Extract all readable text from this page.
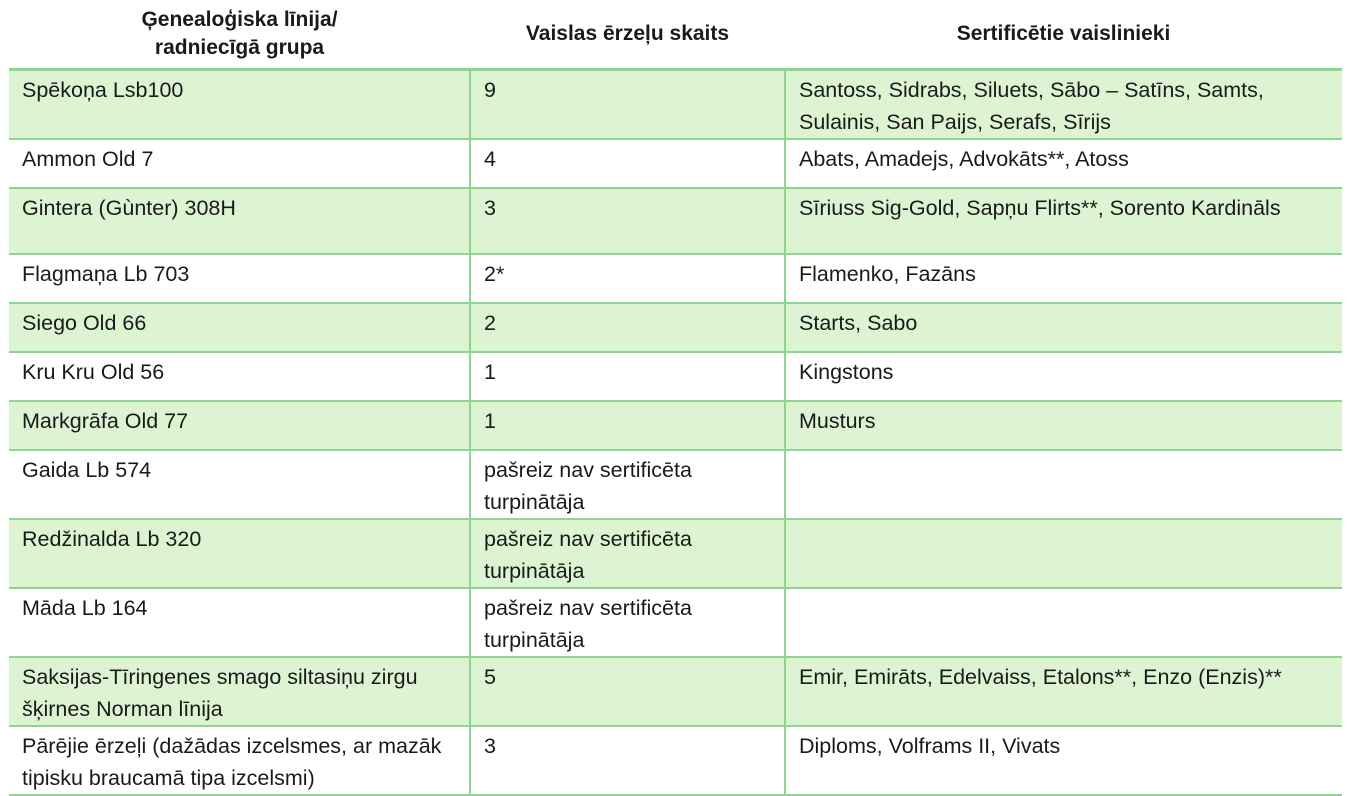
Ģenealoģiska līnija/
radniecīgā grupa	Vaislas ērzeļu skaits	Sertificētie vaislinieki
Spēkoņa Lsb100	9	Santoss, Sidrabs, Siluets, Sābo – Satīns, Samts, Sulainis, San Paijs, Serafs, Sīrijs
Ammon Old 7	4	Abats, Amadejs, Advokāts**, Atoss
Gintera (Gùnter) 308H	3	Sīriuss Sig-Gold, Sapņu Flirts**, Sorento Kardināls
Flagmaņa Lb 703	2*	Flamenko, Fazāns
Siego Old 66	2	Starts, Sabo
Kru Kru Old 56	1	Kingstons
Markgrāfa Old 77	1	Musturs
Gaida Lb 574	pašreiz nav sertificēta turpinātāja	
Redžinalda Lb 320	pašreiz nav sertificēta turpinātāja	
Māda Lb 164	pašreiz nav sertificēta turpinātāja	
Saksijas-Tīringenes smago siltasiņu zirgu šķirnes Norman līnija	5	Emir, Emirāts, Edelvaiss, Etalons**, Enzo (Enzis)**
Pārējie ērzeļi (dažādas izcelsmes, ar mazāk tipisku braucamā tipa izcelsmi)	3	Diploms, Volframs II, Vivats
